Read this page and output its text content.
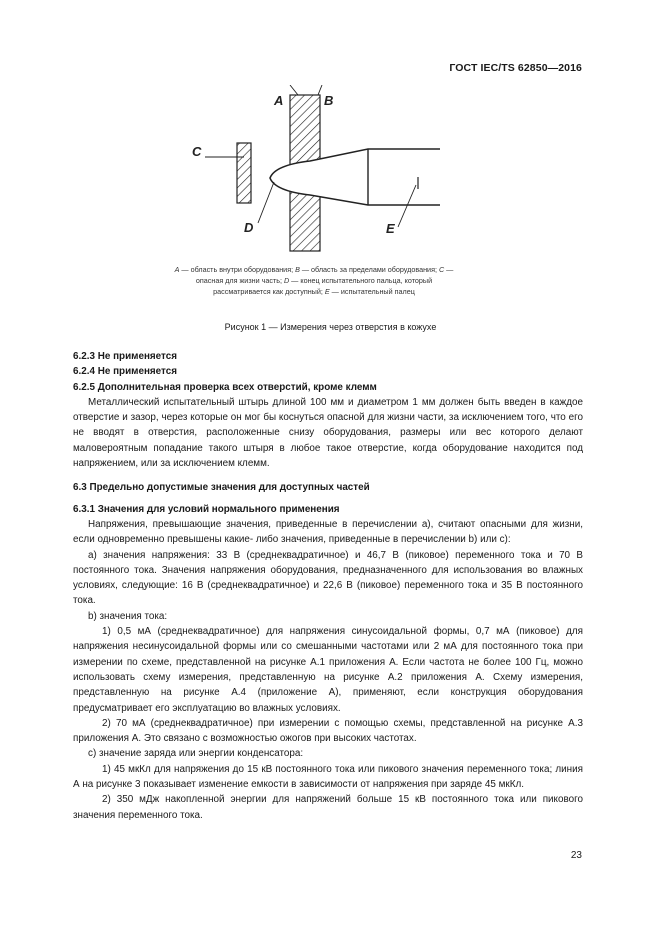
ГОСТ IEC/TS 62850—2016
A	B
C
D	E
A — область внутри оборудования; B — область за пределами оборудования; C — опасная для жизни часть; D — конец испытательного пальца, который рассматривается как доступный; E — испытательный палец
Рисунок 1 — Измерения через отверстия в кожухе

6.2.3 Не применяется

6.2.4 Не применяется

6.2.5 Дополнительная проверка всех отверстий, кроме клемм

Металлический испытательный штырь длиной 100 мм и диаметром 1 мм должен быть введен в каждое отверстие и зазор, через которые он мог бы коснуться опасной для жизни части, за исключением того, что его не вводят в отверстия, расположенные снизу оборудования, размеры или вес которого делают маловероятным попадание такого штыря в любое такое отверстие, когда оборудование находится под напряжением, или за исключением клемм.

6.3 Предельно допустимые значения для доступных частей

6.3.1 Значения для условий нормального применения

Напряжения, превышающие значения, приведенные в перечислении а), считают опасными для жизни, если одновременно превышены какие- либо значения, приведенные в перечислении b) или c):

а) значения напряжения: 33 В (среднеквадратичное) и 46,7 В (пиковое) переменного тока и 70 В постоянного тока. Значения напряжения оборудования, предназначенного для использования во влажных условиях, следующие: 16 В (среднеквадратичное) и 22,6 В (пиковое) переменного тока и 35 В постоянного тока.

b) значения тока:

1) 0,5 мА (среднеквадратичное) для напряжения синусоидальной формы, 0,7 мА (пиковое) для напряжения несинусоидальной формы или со смешанными частотами или 2 мА для постоянного тока при измерении по схеме, представленной на рисунке А.1 приложения А. Если частота не более 100 Гц, можно использовать схему измерения, представленную на рисунке А.2 приложения А. Схему измерения, представленную на рисунке А.4 (приложение А), применяют, если конструкция оборудования предусматривает его эксплуатацию во влажных условиях.

2) 70 мА (среднеквадратичное) при измерении с помощью схемы, представленной на рисунке А.3 приложения А. Это связано с возможностью ожогов при высоких частотах.

c) значение заряда или энергии конденсатора:

1) 45 мкКл для напряжения до 15 кВ постоянного тока или пикового значения переменного тока; линия А на рисунке 3 показывает изменение емкости в зависимости от напряжения при заряде 45 мкКл.

2) 350 мДж накопленной энергии для напряжений больше 15 кВ постоянного тока или пикового значения переменного тока.

23
